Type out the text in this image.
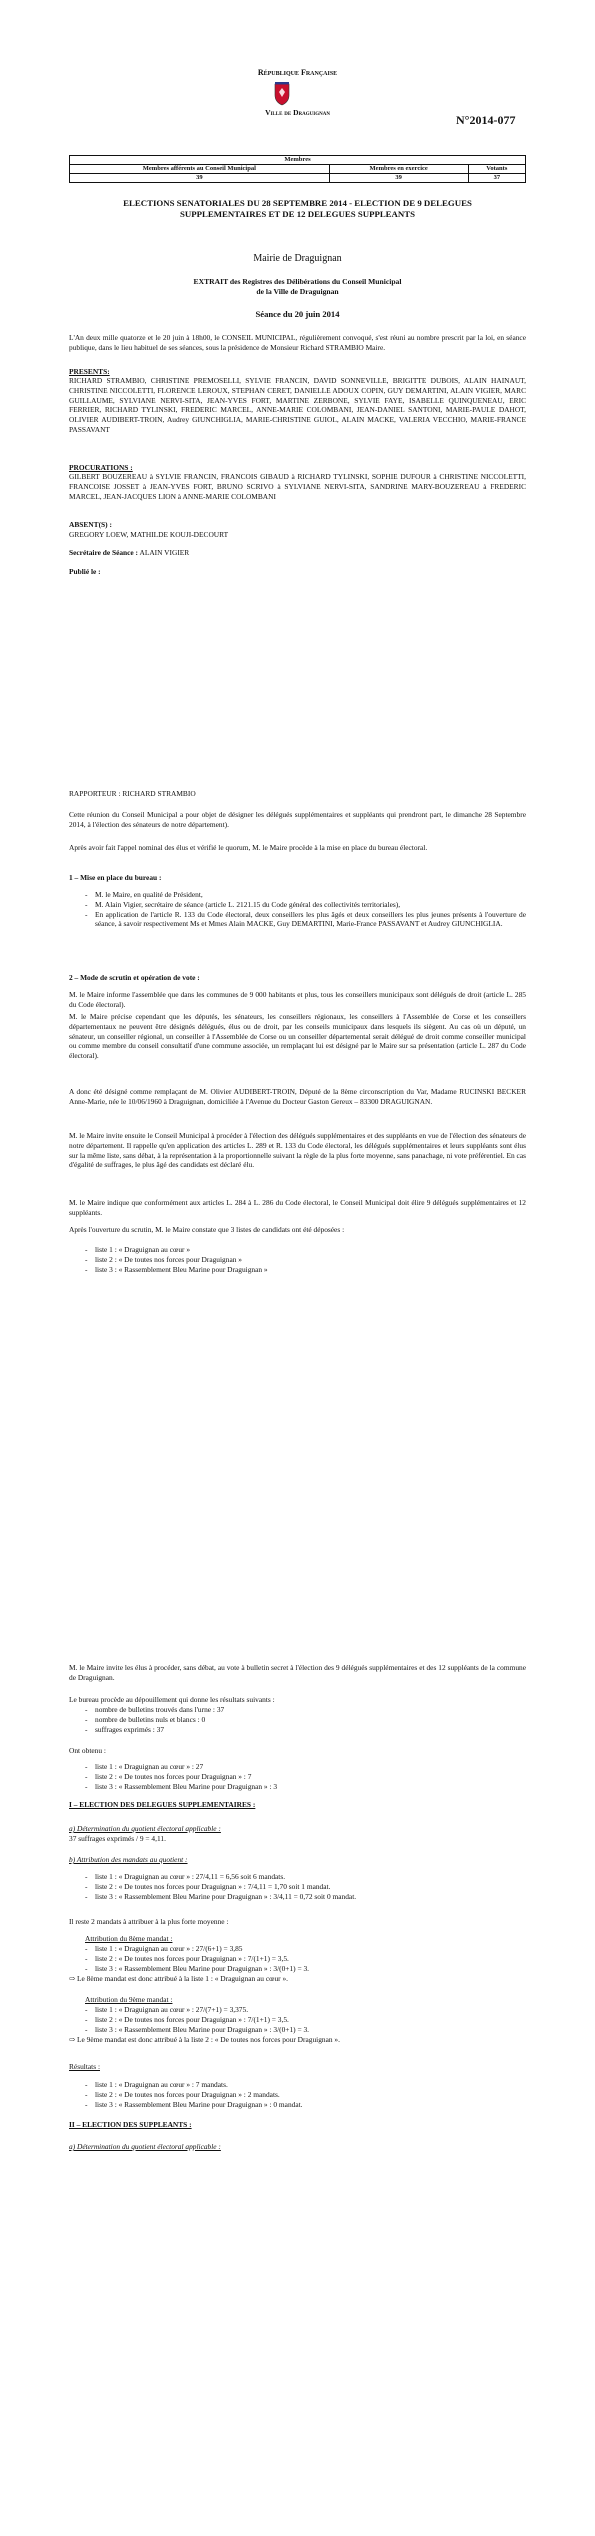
République Française
Ville de Draguignan
N°2014-077
Membres		
Membres afférents au Conseil Municipal	Membres en exercice	Votants
39	39	37
ELECTIONS SENATORIALES DU 28 SEPTEMBRE 2014 - ELECTION DE 9 DELEGUES SUPPLEMENTAIRES ET DE 12 DELEGUES SUPPLEANTS
Mairie de Draguignan
EXTRAIT des Registres des Délibérations du Conseil Municipal
de la Ville de Draguignan
Séance du 20 juin 2014
L'An deux mille quatorze et le 20 juin à 18h00, le CONSEIL MUNICIPAL, régulièrement convoqué, s'est réuni au nombre prescrit par la loi, en séance publique, dans le lieu habituel de ses séances, sous la présidence de Monsieur Richard STRAMBIO Maire.
PRESENTS:
RICHARD STRAMBIO, CHRISTINE PREMOSELLI, SYLVIE FRANCIN, DAVID SONNEVILLE, BRIGITTE DUBOIS, ALAIN HAINAUT, CHRISTINE NICCOLETTI, FLORENCE LEROUX, STEPHAN CERET, DANIELLE ADOUX COPIN, GUY DEMARTINI, ALAIN VIGIER, MARC GUILLAUME, SYLVIANE NERVI-SITA, JEAN-YVES FORT, MARTINE ZERBONE, SYLVIE FAYE, ISABELLE QUINQUENEAU, ERIC FERRIER, RICHARD TYLINSKI, FREDERIC MARCEL, ANNE-MARIE COLOMBANI, JEAN-DANIEL SANTONI, MARIE-PAULE DAHOT, OLIVIER AUDIBERT-TROIN, Audrey GIUNCHIGLIA, MARIE-CHRISTINE GUIOL, ALAIN MACKE, VALERIA VECCHIO, MARIE-FRANCE PASSAVANT
PROCURATIONS :
GILBERT BOUZEREAU à SYLVIE FRANCIN, FRANCOIS GIBAUD à RICHARD TYLINSKI, SOPHIE DUFOUR à CHRISTINE NICCOLETTI, FRANCOISE JOSSET à JEAN-YVES FORT, BRUNO SCRIVO à SYLVIANE NERVI-SITA, SANDRINE MARY-BOUZEREAU à FREDERIC MARCEL, JEAN-JACQUES LION à ANNE-MARIE COLOMBANI
ABSENT(S) :
GREGORY LOEW, MATHILDE KOUJI-DECOURT
Secrétaire de Séance : ALAIN VIGIER
Publié le :
RAPPORTEUR : RICHARD STRAMBIO
Cette réunion du Conseil Municipal a pour objet de désigner les délégués supplémentaires et suppléants qui prendront part, le dimanche 28 Septembre 2014, à l'élection des sénateurs de notre département).
Après avoir fait l'appel nominal des élus et vérifié le quorum, M. le Maire procède à la mise en place du bureau électoral.
1 – Mise en place du bureau :
- M. le Maire, en qualité de Président,
- M. Alain Vigier, secrétaire de séance (article L. 2121.15 du Code général des collectivités territoriales),
- En application de l'article R. 133 du Code électoral, deux conseillers les plus âgés et deux conseillers les plus jeunes présents à l'ouverture de séance, à savoir respectivement Ms et Mmes Alain MACKE, Guy DEMARTINI, Marie-France PASSAVANT et Audrey GIUNCHIGLIA.
2 – Mode de scrutin et opération de vote :
M. le Maire informe l'assemblée que dans les communes de 9 000 habitants et plus, tous les conseillers municipaux sont délégués de droit (article L. 285 du Code électoral).
M. le Maire précise cependant que les députés, les sénateurs, les conseillers régionaux, les conseillers à l'Assemblée de Corse et les conseillers départementaux ne peuvent être désignés délégués, élus ou de droit, par les conseils municipaux dans lesquels ils siègent. Au cas où un député, un sénateur, un conseiller régional, un conseiller à l'Assemblée de Corse ou un conseiller départemental serait délégué de droit comme conseiller municipal ou comme membre du conseil consultatif d'une commune associée, un remplaçant lui est désigné par le Maire sur sa présentation (article L. 287 du Code électoral).
A donc été désigné comme remplaçant de M. Olivier AUDIBERT-TROIN, Député de la 8ème circonscription du Var, Madame RUCINSKI BECKER Anne-Marie, née le 10/06/1960 à Draguignan, domiciliée à l'Avenue du Docteur Gaston Gereux – 83300 DRAGUIGNAN.
M. le Maire invite ensuite le Conseil Municipal à procéder à l'élection des délégués supplémentaires et des suppléants en vue de l'élection des sénateurs de notre département. Il rappelle qu'en application des articles L. 289 et R. 133 du Code électoral, les délégués supplémentaires et leurs suppléants sont élus sur la même liste, sans débat, à la représentation à la proportionnelle suivant la règle de la plus forte moyenne, sans panachage, ni vote préférentiel. En cas d'égalité de suffrages, le plus âgé des candidats est déclaré élu.
M. le Maire indique que conformément aux articles L. 284 à L. 286 du Code électoral, le Conseil Municipal doit élire 9 délégués supplémentaires et 12 suppléants.
Après l'ouverture du scrutin, M. le Maire constate que 3 listes de candidats ont été déposées :
- liste 1 : « Draguignan au cœur »
- liste 2 : « De toutes nos forces pour Draguignan »
- liste 3 : « Rassemblement Bleu Marine pour Draguignan »
M. le Maire invite les élus à procéder, sans débat, au vote à bulletin secret à l'élection des 9 délégués supplémentaires et des 12 suppléants de la commune de Draguignan.
Le bureau procède au dépouillement qui donne les résultats suivants :
- nombre de bulletins trouvés dans l'urne : 37
- nombre de bulletins nuls et blancs : 0
- suffrages exprimés : 37
Ont obtenu :
- liste 1 : « Draguignan au cœur » : 27
- liste 2 : « De toutes nos forces pour Draguignan » : 7
- liste 3 : « Rassemblement Bleu Marine pour Draguignan » : 3
I – ELECTION DES DELEGUES SUPPLEMENTAIRES :
a) Détermination du quotient électoral applicable :
37 suffrages exprimés / 9 = 4,11.
b) Attribution des mandats au quotient :
- liste 1 : « Draguignan au cœur » : 27/4,11 = 6,56 soit 6 mandats.
- liste 2 : « De toutes nos forces pour Draguignan » : 7/4,11 = 1,70 soit 1 mandat.
- liste 3 : « Rassemblement Bleu Marine pour Draguignan » : 3/4,11 = 0,72 soit 0 mandat.
Il reste 2 mandats à attribuer à la plus forte moyenne :
Attribution du 8ème mandat :
- liste 1 : « Draguignan au cœur » : 27/(6+1) = 3,85
- liste 2 : « De toutes nos forces pour Draguignan » : 7/(1+1) = 3,5.
- liste 3 : « Rassemblement Bleu Marine pour Draguignan » : 3/(0+1) = 3.
⇨ Le 8ème mandat est donc attribué à la liste 1 : « Draguignan au cœur ».
Attribution du 9ème mandat :
- liste 1 : « Draguignan au cœur » : 27/(7+1) = 3,375.
- liste 2 : « De toutes nos forces pour Draguignan » : 7/(1+1) = 3,5.
- liste 3 : « Rassemblement Bleu Marine pour Draguignan » : 3/(0+1) = 3.
⇨ Le 9ème mandat est donc attribué à la liste 2 : « De toutes nos forces pour Draguignan ».
Résultats :
- liste 1 : « Draguignan au cœur » : 7 mandats.
- liste 2 : « De toutes nos forces pour Draguignan » : 2 mandats.
- liste 3 : « Rassemblement Bleu Marine pour Draguignan » : 0 mandat.
II – ELECTION DES SUPPLEANTS :
a) Détermination du quotient électoral applicable :
